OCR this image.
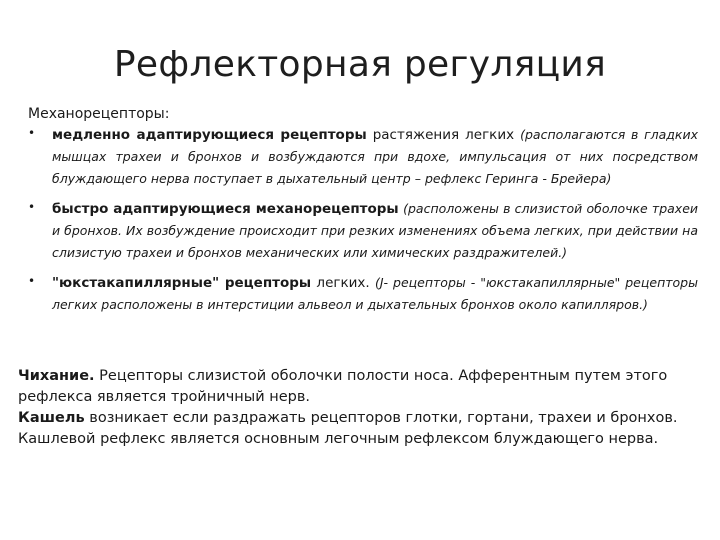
Рефлекторная регуляция
Механорецепторы:
•	медленно адаптирующиеся рецепторы растяжения легких (располагаются в гладких мышцах трахеи и бронхов и возбуждаются при вдохе, импульсация от них посредством блуждающего нерва поступает в дыхательный центр – рефлекс Геринга - Брейера)
•	быстро адаптирующиеся механорецепторы (расположены в слизистой оболочке трахеи и бронхов. Их возбуждение происходит при резких изменениях объема легких, при действии на слизистую трахеи и бронхов механических или химических раздражителей.)
•	"юкстакапиллярные" рецепторы легких. (J- рецепторы - "юкстакапиллярные" рецепторы легких расположены в интерстиции альвеол и дыхательных бронхов около капилляров.)

Чихание. Рецепторы слизистой оболочки полости носа. Афферентным путем этого рефлекса является тройничный нерв.

Кашель возникает если раздражать рецепторов глотки, гортани, трахеи и бронхов. Кашлевой рефлекс является основным легочным рефлексом блуждающего нерва.
